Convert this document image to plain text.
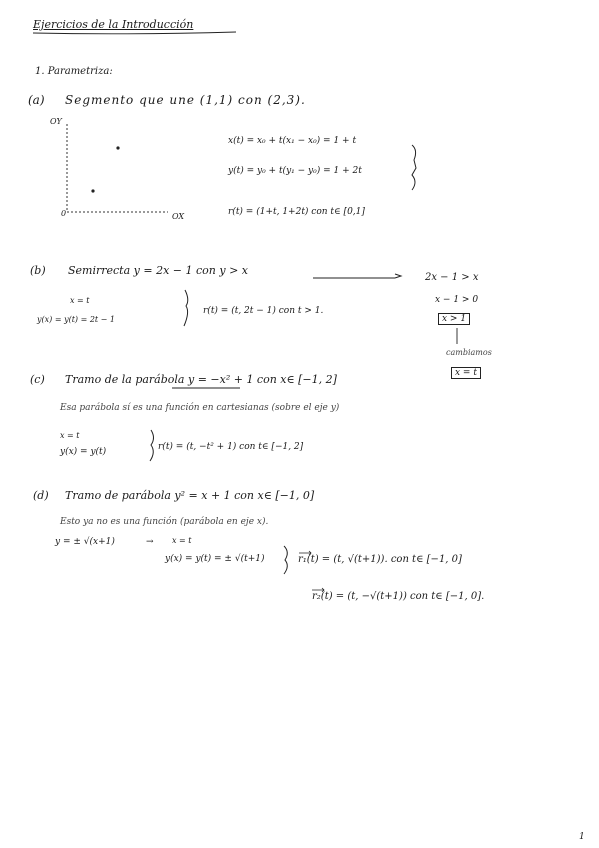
Ejercicios de la Introducción
1. Parametriza:
(a) Segmento que une (1,1) con (2,3).
OY
OX
0
x(t) = x₀ + t(x₁ − x₀) = 1 + t
y(t) = y₀ + t(y₁ − y₀) = 1 + 2t
r(t) = (1+t, 1+2t) con t∈ [0,1]
(b) Semirrecta y = 2x − 1 con y > x
2x − 1 > x
x − 1 > 0
x > 1
cambiamos
x = t
x = t
y(x) = y(t) = 2t − 1
r(t) = (t, 2t − 1) con t > 1.
(c) Tramo de la parábola y = −x² + 1 con x∈ [−1, 2]
Esa parábola sí es una función en cartesianas (sobre el eje y)
x = t
y(x) = y(t)	r(t) = (t, −t² + 1) con t∈ [−1, 2]
(d) Tramo de parábola y² = x + 1 con x∈ [−1, 0]
Esto ya no es una función (parábola en eje x).
y = ± √(x+1)	→ x = t
y(x) = y(t) = ± √(t+1)	r₁(t) = (t, √(t+1)). con t∈ [−1, 0]
r₂(t) = (t, −√(t+1)) con t∈ [−1, 0].
1
